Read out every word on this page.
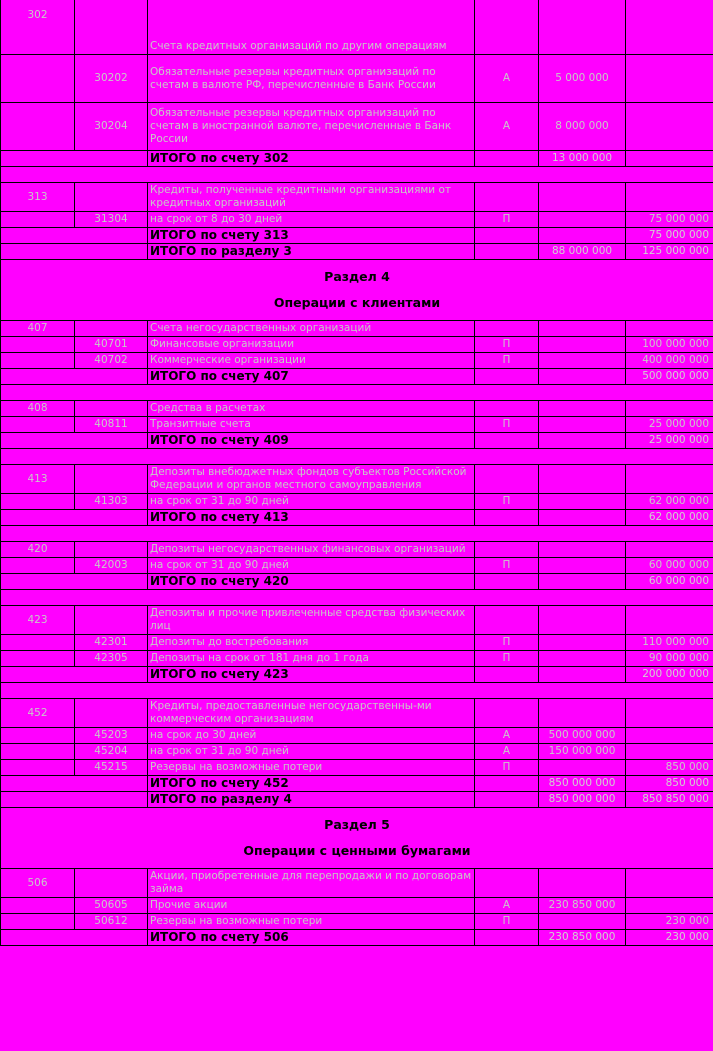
302		Счета кредитных организаций по другим операциям			
	30202	Обязательные резервы кредитных организаций по счетам в валюте РФ, перечисленные в Банк России	А	5 000 000	
	30204	Обязательные резервы кредитных организаций по счетам в иностранной валюте, перечисленные в Банк России	А	8 000 000	
		ИТОГО по счету 302		13 000 000	

313		Кредиты, полученные кредитными организациями от кредитных организаций			
	31304	на срок от 8 до 30 дней	П		75 000 000
		ИТОГО по счету 313			75 000 000
		ИТОГО по разделу 3		88 000 000	125 000 000

Раздел 4
Операции с клиентами					

407		Счета негосударственных организаций			
	40701	Финансовые организации	П		100 000 000
	40702	Коммерческие организации	П		400 000 000
		ИТОГО по счету 407			500 000 000

408		Средства в расчетах			
	40811	Транзитные счета	П		25 000 000
		ИТОГО по счету 409			25 000 000

413		Депозиты внебюджетных фондов субъектов Российской Федерации и органов местного самоуправления			
	41303	на срок от 31 до 90 дней	П		62 000 000
		ИТОГО по счету 413			62 000 000

420		Депозиты негосударственных финансовых организаций			
	42003	на срок от 31 до 90 дней	П		60 000 000
		ИТОГО по счету 420			60 000 000

423		Депозиты и прочие привлеченные средства физических лиц			
	42301	Депозиты до востребования	П		110 000 000
	42305	Депозиты на срок от 181 дня до 1 года	П		90 000 000
		ИТОГО по счету 423			200 000 000

452		Кредиты, предоставленные негосударственны-ми коммерческим организациям			
	45203	на срок до 30 дней	А	500 000 000	
	45204	на срок от 31 до 90 дней	А	150 000 000	
	45215	Резервы на возможные потери	П		850 000
		ИТОГО по счету 452		850 000 000	850 000
		ИТОГО по разделу 4		850 000 000	850 850 000

Раздел 5
Операции с ценными бумагами					

506		Акции, приобретенные для перепродажи и по договорам займа			
	50605	Прочие акции	А	230 850 000	
	50612	Резервы на возможные потери	П		230 000
		ИТОГО по счету 506		230 850 000	230 000
